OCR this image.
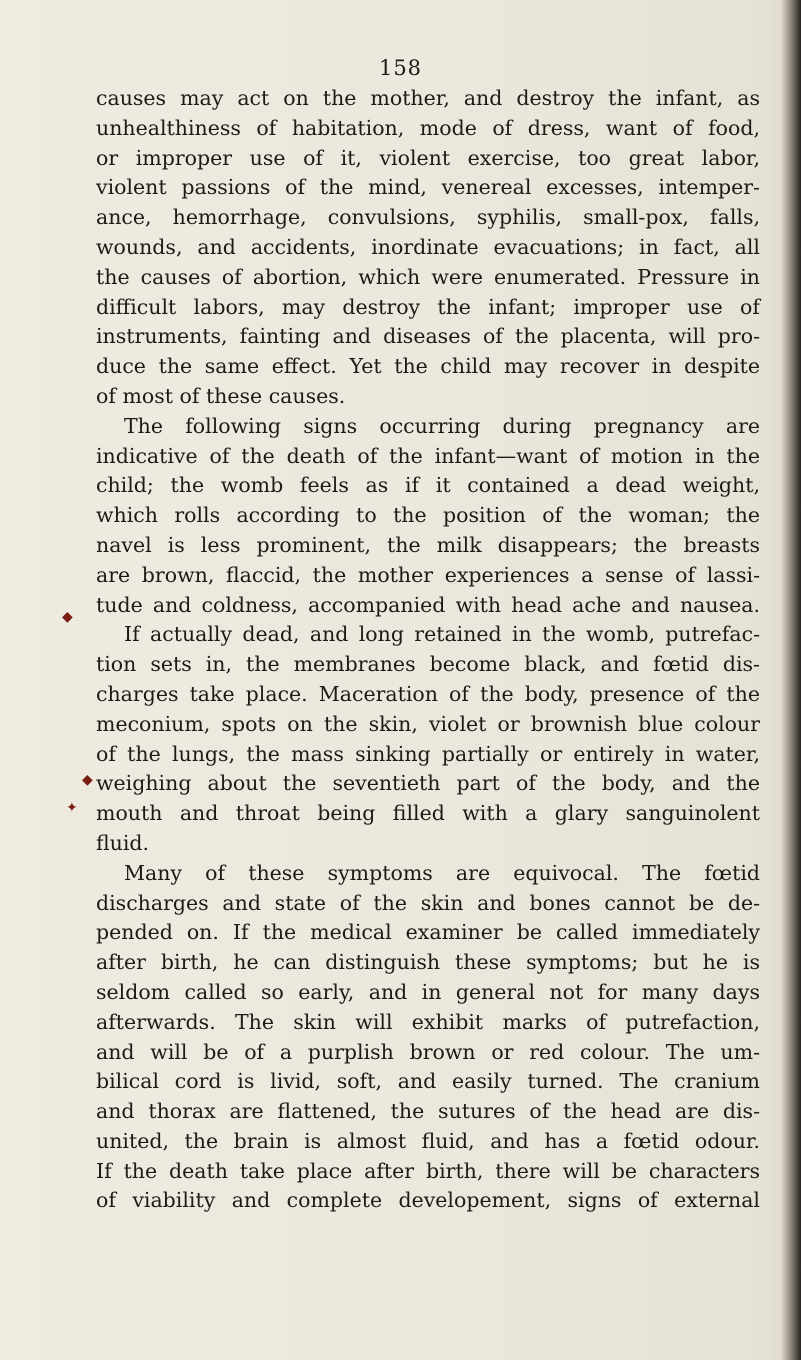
158
causes may act on the mother, and destroy the infant, as
unhealthiness of habitation, mode of dress, want of food,
or improper use of it, violent exercise, too great labor,
violent passions of the mind, venereal excesses, intemper-
ance, hemorrhage, convulsions, syphilis, small-pox, falls,
wounds, and accidents, inordinate evacuations; in fact, all
the causes of abortion, which were enumerated. Pressure in
difficult labors, may destroy the infant; improper use of
instruments, fainting and diseases of the placenta, will pro-
duce the same effect. Yet the child may recover in despite
of most of these causes.
The following signs occurring during pregnancy are
indicative of the death of the infant—want of motion in the
child; the womb feels as if it contained a dead weight,
which rolls according to the position of the woman; the
navel is less prominent, the milk disappears; the breasts
are brown, flaccid, the mother experiences a sense of lassi-
tude and coldness, accompanied with head ache and nausea.
If actually dead, and long retained in the womb, putrefac-
tion sets in, the membranes become black, and fœtid dis-
charges take place. Maceration of the body, presence of the
meconium, spots on the skin, violet or brownish blue colour
of the lungs, the mass sinking partially or entirely in water,
weighing about the seventieth part of the body, and the
mouth and throat being filled with a glary sanguinolent
fluid.
Many of these symptoms are equivocal. The fœtid
discharges and state of the skin and bones cannot be de-
pended on. If the medical examiner be called immediately
after birth, he can distinguish these symptoms; but he is
seldom called so early, and in general not for many days
afterwards. The skin will exhibit marks of putrefaction,
and will be of a purplish brown or red colour. The um-
bilical cord is livid, soft, and easily turned. The cranium
and thorax are flattened, the sutures of the head are dis-
united, the brain is almost fluid, and has a fœtid odour.
If the death take place after birth, there will be characters
of viability and complete developement, signs of external
◆
◆
✦
